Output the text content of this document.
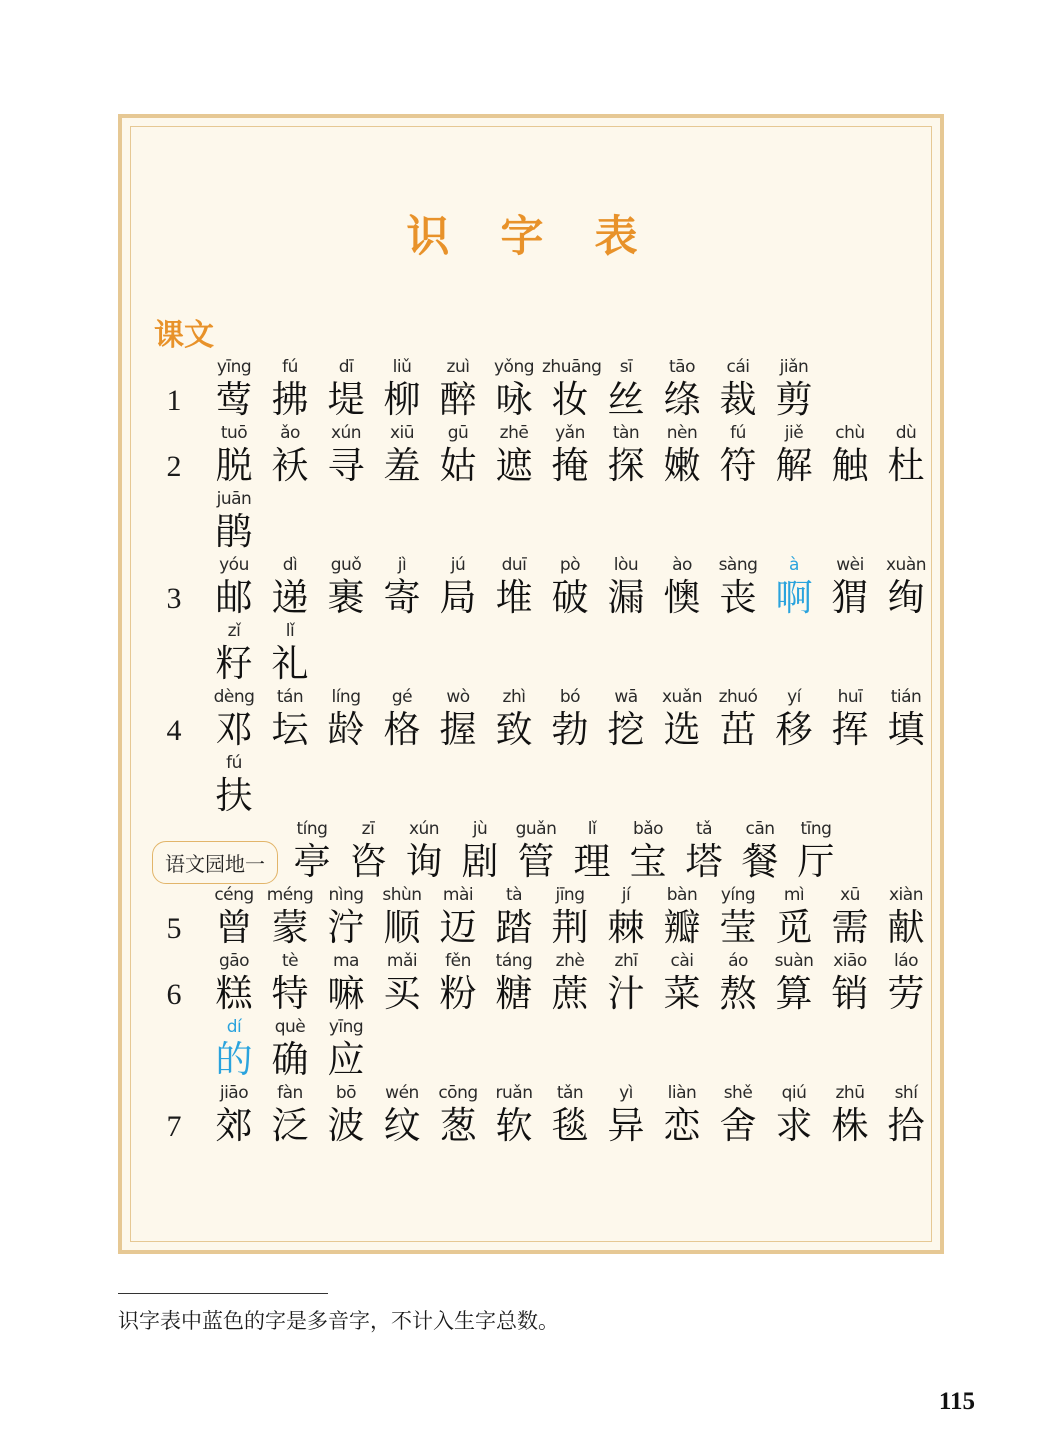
识 字 表
课文
1
yīng
莺
fú
拂
dī
堤
liǔ
柳
zuì
醉
yǒng
咏
zhuāng
妆
sī
丝
tāo
绦
cái
裁
jiǎn
剪
2
tuō
脱
ǎo
袄
xún
寻
xiū
羞
gū
姑
zhē
遮
yǎn
掩
tàn
探
nèn
嫩
fú
符
jiě
解
chù
触
dù
杜

juān
鹃
3
yóu
邮
dì
递
guǒ
裹
jì
寄
jú
局
duī
堆
pò
破
lòu
漏
ào
懊
sàng
丧
à
啊
wèi
猬
xuàn
绚

zǐ
籽
lǐ
礼
4
dèng
邓
tán
坛
líng
龄
gé
格
wò
握
zhì
致
bó
勃
wā
挖
xuǎn
选
zhuó
茁
yí
移
huī
挥
tián
填

fú
扶
语文园地一
tíng
亭
zī
咨
xún
询
jù
剧
guǎn
管
lǐ
理
bǎo
宝
tǎ
塔
cān
餐
tīng
厅
5
céng
曾
méng
蒙
nìng
泞
shùn
顺
mài
迈
tà
踏
jīng
荆
jí
棘
bàn
瓣
yíng
莹
mì
觅
xū
需
xiàn
献
6
gāo
糕
tè
特
ma
嘛
mǎi
买
fěn
粉
táng
糖
zhè
蔗
zhī
汁
cài
菜
áo
熬
suàn
算
xiāo
销
láo
劳

dí
的
què
确
yīng
应
7
jiāo
郊
fàn
泛
bō
波
wén
纹
cōng
葱
ruǎn
软
tǎn
毯
yì
异
liàn
恋
shě
舍
qiú
求
zhū
株
shí
拾
识字表中蓝色的字是多音字，不计入生字总数。
115
